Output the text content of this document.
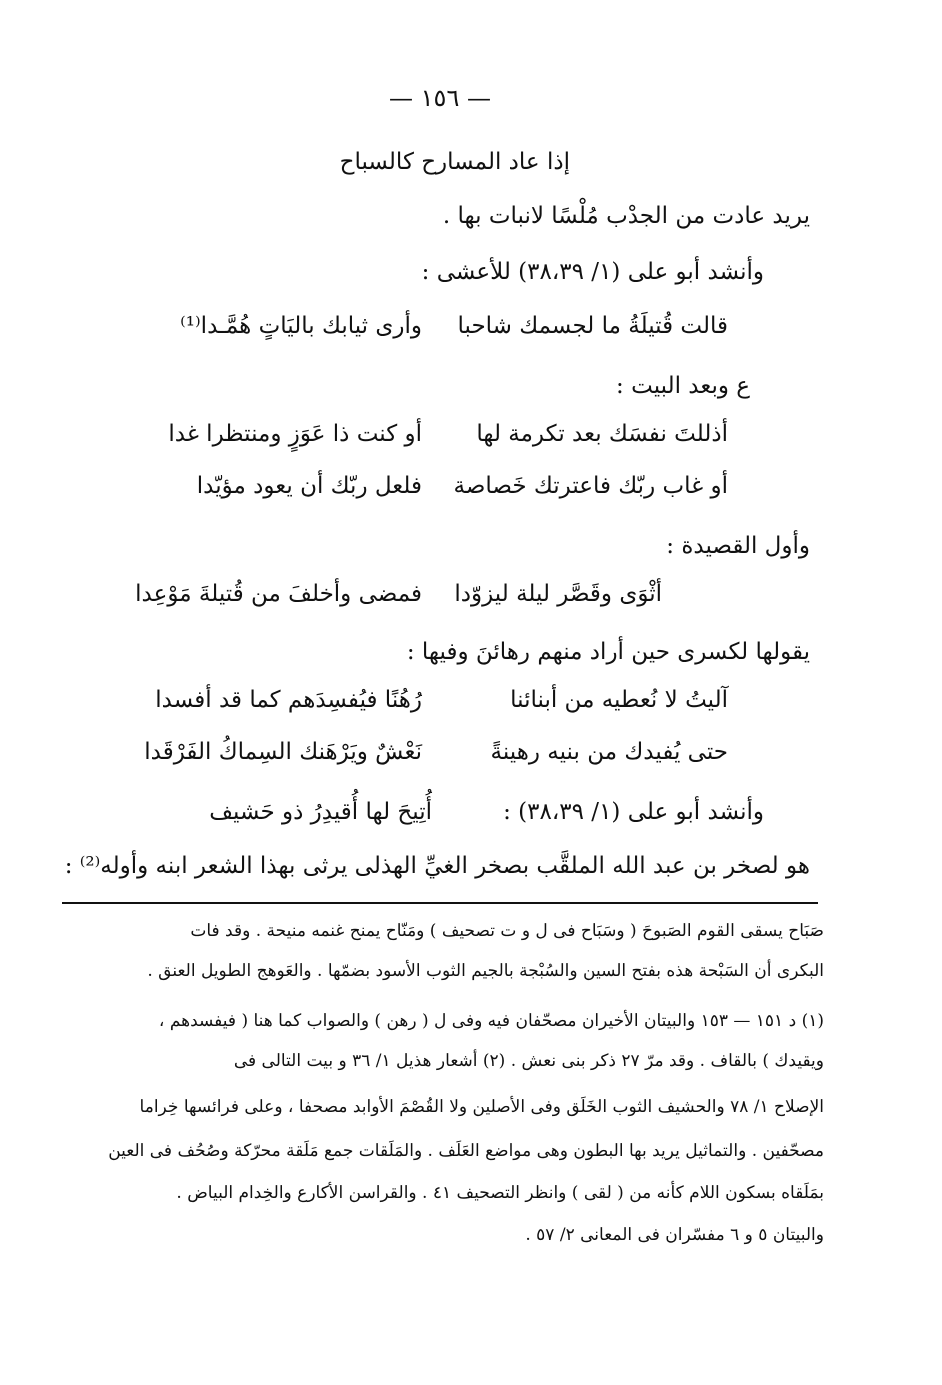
— ١٥٦ —
إذا عاد المسارح كالسباح
يريد عادت من الجدْب مُلْسًا لانبات بها .
وأنشد أبو على (١/ ٣٨،٣٩) للأعشى :
قالت قُتيلَةُ ما لجسمك شاحبا
وأرى ثيابك باليَاتٍ هُمَّـدا⁽¹⁾
ع وبعد البيت :
أذللتَ نفسَك بعد تكرمة لها
أو كنت ذا عَوَزٍ ومنتظرا غدا
أو غاب ربّك فاعترتك خَصاصة
فلعل ربّك أن يعود مؤيّدا
وأول القصيدة :
أثْوَى وقَصَّر ليلة ليزوّدا
فمضى وأخلفَ من قُتيلةَ مَوْعِدا
يقولها لكسرى حين أراد منهم رهائنَ وفيها :
آليتُ لا نُعطيه من أبنائنا
رُهُنًا فيُفسِدَهم كما قد أفسدا
حتى يُفيدك من بنيه رهينةً
نَعْشٌ ويَرْهَنك السِماكُ الفَرْقَدا
وأنشد أبو على (١/ ٣٨،٣٩) :
أُتِيحَ لها أُقيدِرُ ذو حَشيف
هو لصخر بن عبد الله الملقَّب بصخر الغيِّ الهذلى يرثى بهذا الشعر ابنه وأوله⁽²⁾ :
صَبَاح يسقى القوم الصَبوحَ ( وسَبَاح فى ل و ت تصحيف ) ومَنّاح يمنح غنمه منيحة . وقد فات
البكرى أن السَبْحة هذه بفتح السين والسُبْجة بالجيم الثوب الأسود بضمّها . والعَوهج الطويل العنق .
(١) د ١٥١ — ١٥٣ والبيتان الأخيران مصحّفان فيه وفى ل ( رهن ) والصواب كما هنا ( فيفسدهم ،
ويقيدك ) بالقاف . وقد مرّ ٢٧ ذكر بنى نعش . (٢) أشعار هذيل ١/ ٣٦ و بيت التالى فى
الإصلاح ١/ ٧٨ والحشيف الثوب الخَلَق وفى الأصلين ولا القُصْمَ الأوابد مصحفا ، وعلى فرائسها خِراما
مصحّفين . والتماثيل يريد بها البطون وهى مواضع العَلَف . والمَلَقات جمع مَلَقة محرّكة وصُحُف فى العين
بمَلَقاه بسكون اللام كأنه من ( لقى ) وانظر التصحيف ٤١ . والقراسن الأكارع والخِدام البياض .
والبيتان ٥ و ٦ مفسّران فى المعانى ٢/ ٥٧ .
